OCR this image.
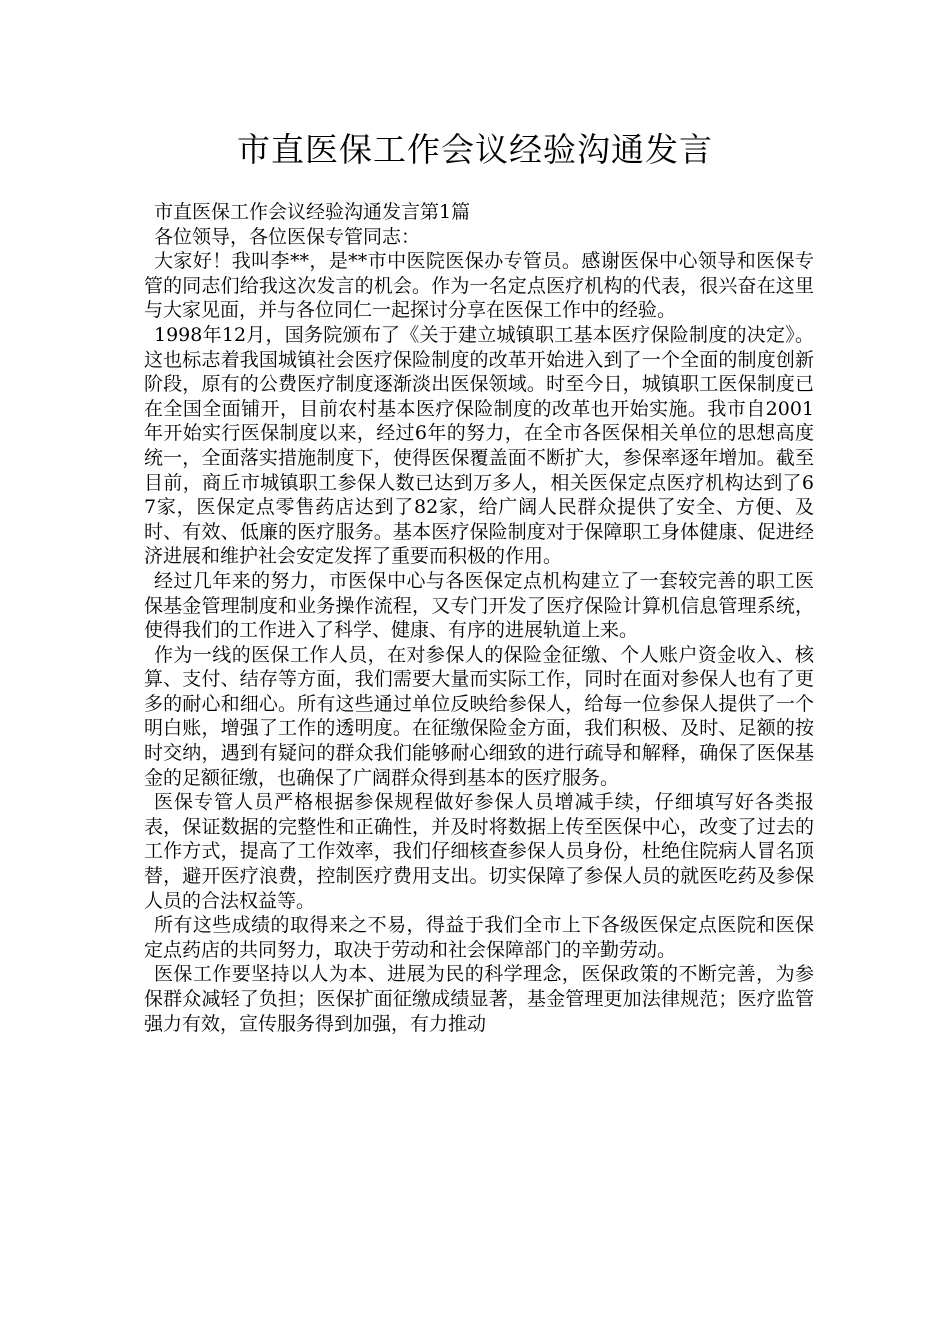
市直医保工作会议经验沟通发言

市直医保工作会议经验沟通发言第1篇

各位领导，各位医保专管同志：

大家好！我叫李**，是**市中医院医保办专管员。感谢医保中心领导和医保专管的同志们给我这次发言的机会。作为一名定点医疗机构的代表，很兴奋在这里与大家见面，并与各位同仁一起探讨分享在医保工作中的经验。

1998年12月，国务院颁布了《关于建立城镇职工基本医疗保险制度的决定》。这也标志着我国城镇社会医疗保险制度的改革开始进入到了一个全面的制度创新阶段，原有的公费医疗制度逐渐淡出医保领域。时至今日，城镇职工医保制度已在全国全面铺开，目前农村基本医疗保险制度的改革也开始实施。我市自2001年开始实行医保制度以来，经过6年的努力，在全市各医保相关单位的思想高度统一，全面落实措施制度下，使得医保覆盖面不断扩大，参保率逐年增加。截至目前，商丘市城镇职工参保人数已达到万多人，相关医保定点医疗机构达到了67家，医保定点零售药店达到了82家，给广阔人民群众提供了安全、方便、及时、有效、低廉的医疗服务。基本医疗保险制度对于保障职工身体健康、促进经济进展和维护社会安定发挥了重要而积极的作用。

经过几年来的努力，市医保中心与各医保定点机构建立了一套较完善的职工医保基金管理制度和业务操作流程，又专门开发了医疗保险计算机信息管理系统，使得我们的工作进入了科学、健康、有序的进展轨道上来。

作为一线的医保工作人员，在对参保人的保险金征缴、个人账户资金收入、核算、支付、结存等方面，我们需要大量而实际工作，同时在面对参保人也有了更多的耐心和细心。所有这些通过单位反映给参保人，给每一位参保人提供了一个明白账，增强了工作的透明度。在征缴保险金方面，我们积极、及时、足额的按时交纳，遇到有疑问的群众我们能够耐心细致的进行疏导和解释，确保了医保基金的足额征缴，也确保了广阔群众得到基本的医疗服务。

医保专管人员严格根据参保规程做好参保人员增减手续，仔细填写好各类报表，保证数据的完整性和正确性，并及时将数据上传至医保中心，改变了过去的工作方式，提高了工作效率，我们仔细核查参保人员身份，杜绝住院病人冒名顶替，避开医疗浪费，控制医疗费用支出。切实保障了参保人员的就医吃药及参保人员的合法权益等。

所有这些成绩的取得来之不易，得益于我们全市上下各级医保定点医院和医保定点药店的共同努力，取决于劳动和社会保障部门的辛勤劳动。

医保工作要坚持以人为本、进展为民的科学理念，医保政策的不断完善，为参保群众减轻了负担；医保扩面征缴成绩显著，基金管理更加法律规范；医疗监管强力有效，宣传服务得到加强，有力推动
